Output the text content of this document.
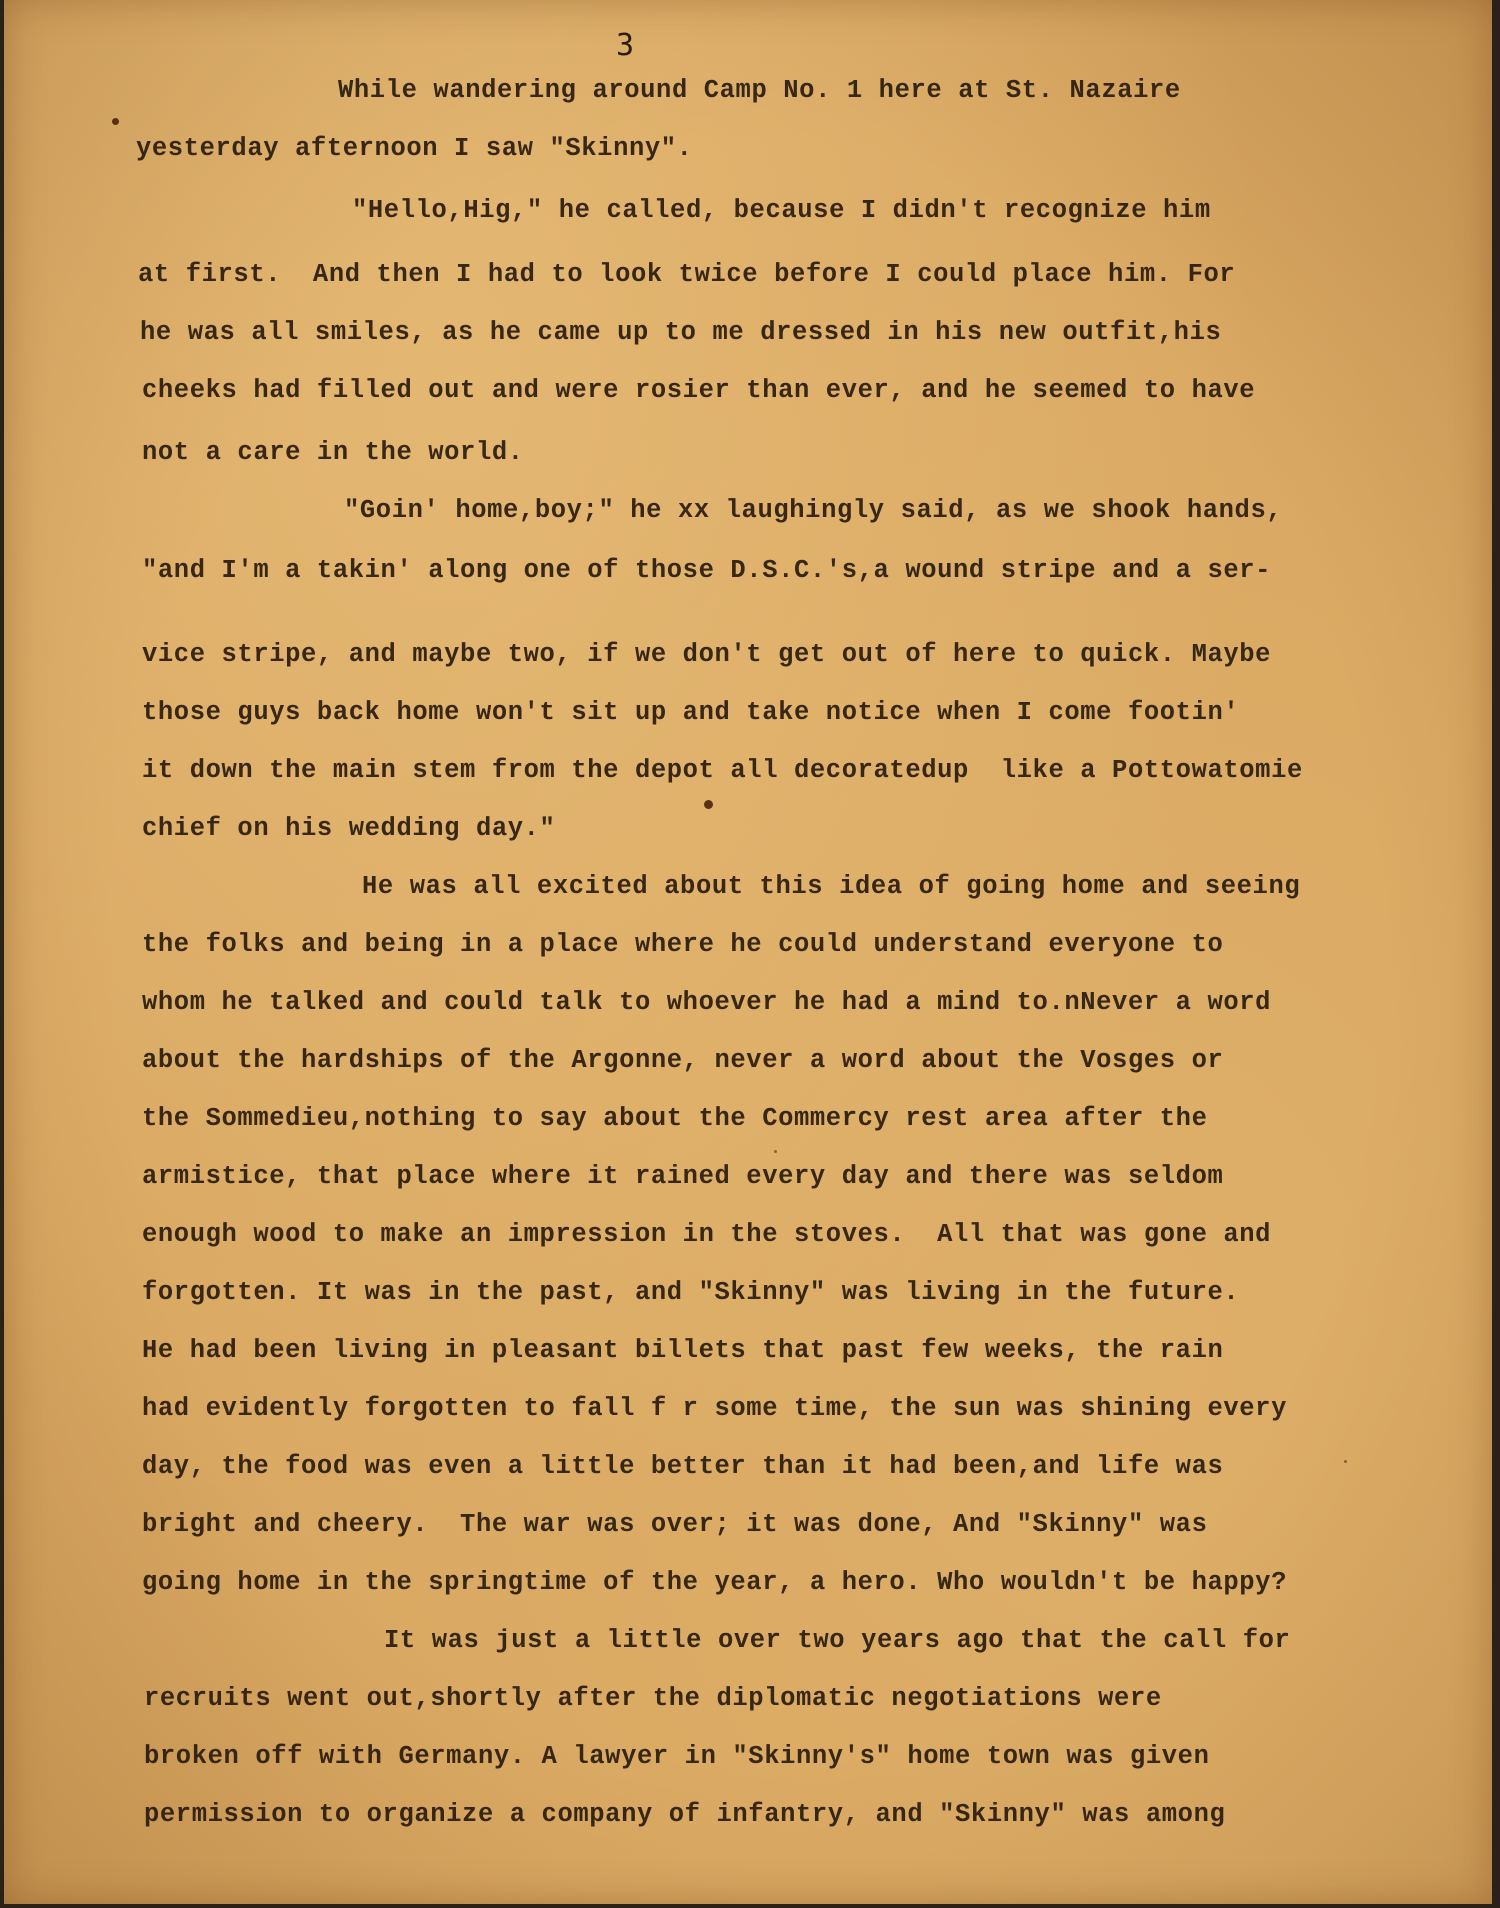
3
While wandering around Camp No. 1 here at St. Nazaire
yesterday afternoon I saw "Skinny".
"Hello,Hig," he called, because I didn't recognize him
at first.  And then I had to look twice before I could place him. For
he was all smiles, as he came up to me dressed in his new outfit,his
cheeks had filled out and were rosier than ever, and he seemed to have
not a care in the world.
"Goin' home,boy;" he xx laughingly said, as we shook hands,
"and I'm a takin' along one of those D.S.C.'s,a wound stripe and a ser-
vice stripe, and maybe two, if we don't get out of here to quick. Maybe
those guys back home won't sit up and take notice when I come footin'
it down the main stem from the depot all decoratedup  like a Pottowatomie
chief on his wedding day."
He was all excited about this idea of going home and seeing
the folks and being in a place where he could understand everyone to
whom he talked and could talk to whoever he had a mind to.nNever a word
about the hardships of the Argonne, never a word about the Vosges or
the Sommedieu,nothing to say about the Commercy rest area after the
armistice, that place where it rained every day and there was seldom
enough wood to make an impression in the stoves.  All that was gone and
forgotten. It was in the past, and "Skinny" was living in the future.
He had been living in pleasant billets that past few weeks, the rain
had evidently forgotten to fall f r some time, the sun was shining every
day, the food was even a little better than it had been,and life was
bright and cheery.  The war was over; it was done, And "Skinny" was
going home in the springtime of the year, a hero. Who wouldn't be happy?
It was just a little over two years ago that the call for
recruits went out,shortly after the diplomatic negotiations were
broken off with Germany. A lawyer in "Skinny's" home town was given
permission to organize a company of infantry, and "Skinny" was among
